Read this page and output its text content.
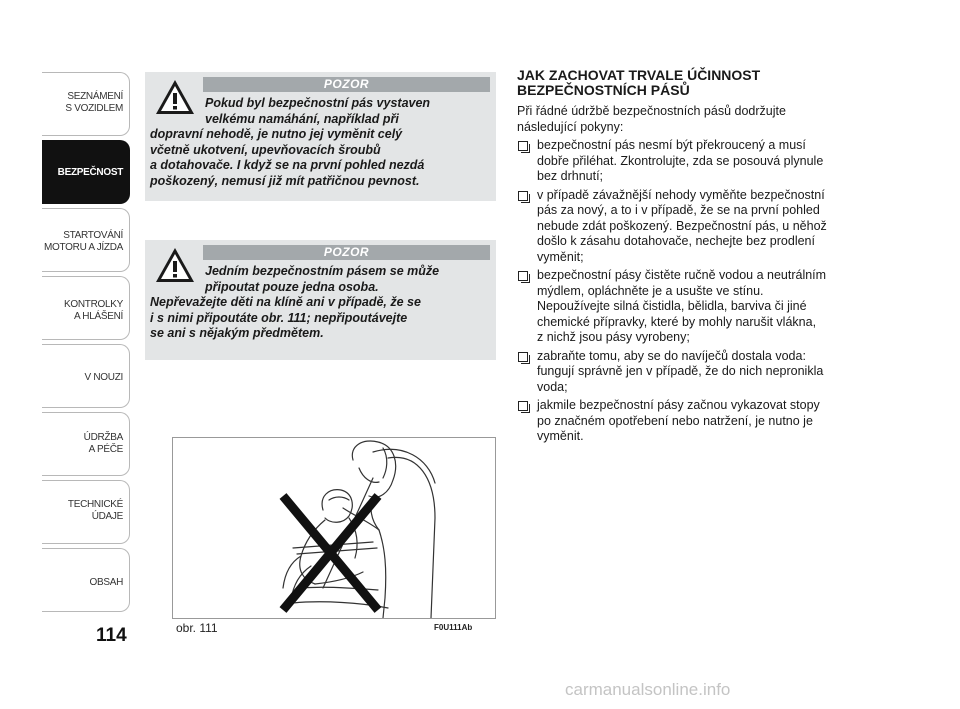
SEZNÁMENÍ
S VOZIDLEM
BEZPEČNOST
STARTOVÁNÍ
MOTORU A JÍZDA
KONTROLKY
A HLÁŠENÍ
V NOUZI
ÚDRŽBA
A PÉČE
TECHNICKÉ
ÚDAJE
OBSAH
114
POZOR
Pokud byl bezpečnostní pás vystaven
velkému namáhání, například při
dopravní nehodě, je nutno jej vyměnit celý
včetně ukotvení, upevňovacích šroubů
a dotahovače. I když se na první pohled nezdá
poškozený, nemusí již mít patřičnou pevnost.
POZOR
Jedním bezpečnostním pásem se může
připoutat pouze jedna osoba.
Nepřevažejte děti na klíně ani v případě, že se
i s nimi připoutáte obr. 111; nepřipoutávejte
se ani s nějakým předmětem.
obr. 111	F0U111Ab
JAK ZACHOVAT TRVALE ÚČINNOST
BEZPEČNOSTNÍCH PÁSŮ
Při řádné údržbě bezpečnostních pásů dodržujte
následující pokyny:
bezpečnostní pás nesmí být překroucený a musí
dobře přiléhat. Zkontrolujte, zda se posouvá plynule
bez drhnutí;
v případě závažnější nehody vyměňte bezpečnostní
pás za nový, a to i v případě, že se na první pohled
nebude zdát poškozený. Bezpečnostní pás, u něhož
došlo k zásahu dotahovače, nechejte bez prodlení
vyměnit;
bezpečnostní pásy čistěte ručně vodou a neutrálním
mýdlem, opláchněte je a usušte ve stínu.
Nepoužívejte silná čistidla, bělidla, barviva či jiné
chemické přípravky, které by mohly narušit vlákna,
z nichž jsou pásy vyrobeny;
zabraňte tomu, aby se do navíječů dostala voda:
fungují správně jen v případě, že do nich nepronikla
voda;
jakmile bezpečnostní pásy začnou vykazovat stopy
po značném opotřebení nebo natržení, je nutno je
vyměnit.
carmanualsonline.info
